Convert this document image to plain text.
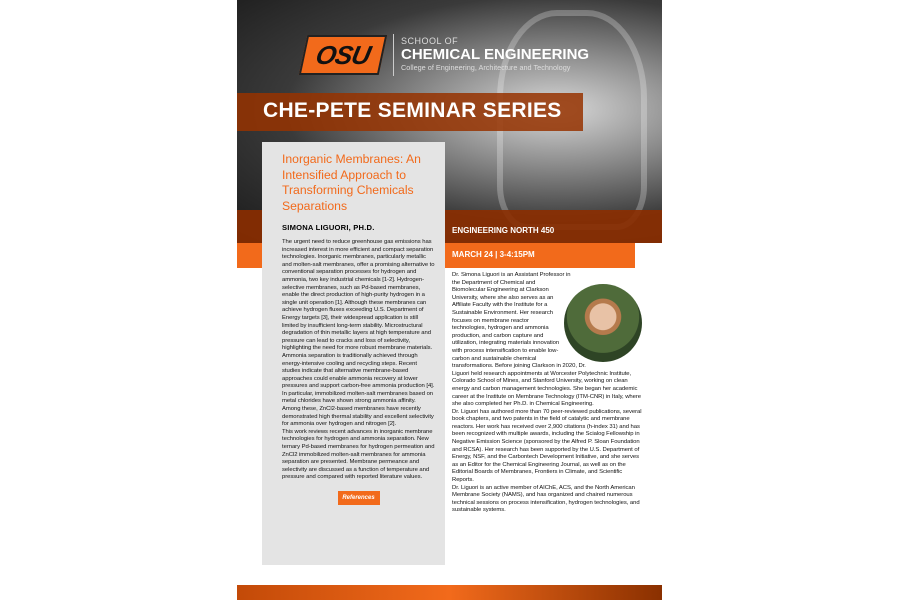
OSU	SCHOOL OF
CHEMICAL ENGINEERING
College of Engineering, Architecture and Technology
CHE-PETE SEMINAR SERIES
ENGINEERING NORTH 450
MARCH 24 | 3-4:15PM
Inorganic Membranes: An Intensified Approach to Transforming Chemicals Separations
SIMONA LIGUORI, PH.D.
The urgent need to reduce greenhouse gas emissions has increased interest in more efficient and compact separation technologies. Inorganic membranes, particularly metallic and molten-salt membranes, offer a promising alternative to conventional separation processes for hydrogen and ammonia, two key industrial chemicals [1-2]. Hydrogen-selective membranes, such as Pd-based membranes, enable the direct production of high-purity hydrogen in a single unit operation [1]. Although these membranes can achieve hydrogen fluxes exceeding U.S. Department of Energy targets [3], their widespread application is still limited by insufficient long-term stability. Microstructural degradation of thin metallic layers at high temperature and pressure can lead to cracks and loss of selectivity, highlighting the need for more robust membrane materials.
Ammonia separation is traditionally achieved through energy-intensive cooling and recycling steps. Recent studies indicate that alternative membrane-based approaches could enable ammonia recovery at lower pressures and support carbon-free ammonia production [4]. In particular, immobilized molten-salt membranes based on metal chlorides have shown strong ammonia affinity. Among these, ZnCl2-based membranes have recently demonstrated high thermal stability and excellent selectivity for ammonia over hydrogen and nitrogen [2].
This work reviews recent advances in inorganic membrane technologies for hydrogen and ammonia separation. New ternary Pd-based membranes for hydrogen permeation and ZnCl2 immobilized molten-salt membranes for ammonia separation are presented. Membrane permeance and selectivity are discussed as a function of temperature and pressure and compared with reported literature values.
References
Dr. Simona Liguori is an Assistant Professor in the Department of Chemical and Biomolecular Engineering at Clarkson University, where she also serves as an Affiliate Faculty with the Institute for a Sustainable Environment. Her research focuses on membrane reactor technologies, hydrogen and ammonia production, and carbon capture and utilization, integrating materials innovation with process intensification to enable low-carbon and sustainable chemical transformations. Before joining Clarkson in 2020, Dr. Liguori held research appointments at Worcester Polytechnic Institute, Colorado School of Mines, and Stanford University, working on clean energy and carbon management technologies. She began her academic career at the Institute on Membrane Technology (ITM-CNR) in Italy, where she also completed her Ph.D. in Chemical Engineering.
Dr. Liguori has authored more than 70 peer-reviewed publications, several book chapters, and two patents in the field of catalytic and membrane reactors. Her work has received over 2,900 citations (h-index 31) and has been recognized with multiple awards, including the Scialog Fellowship in Negative Emission Science (sponsored by the Alfred P. Sloan Foundation and RCSA). Her research has been supported by the U.S. Department of Energy, NSF, and the Carbontech Development Initiative, and she serves as an Editor for the Chemical Engineering Journal, as well as on the Editorial Boards of Membranes, Frontiers in Climate, and Scientific Reports.
Dr. Liguori is an active member of AIChE, ACS, and the North American Membrane Society (NAMS), and has organized and chaired numerous technical sessions on process intensification, hydrogen technologies, and sustainable systems.
